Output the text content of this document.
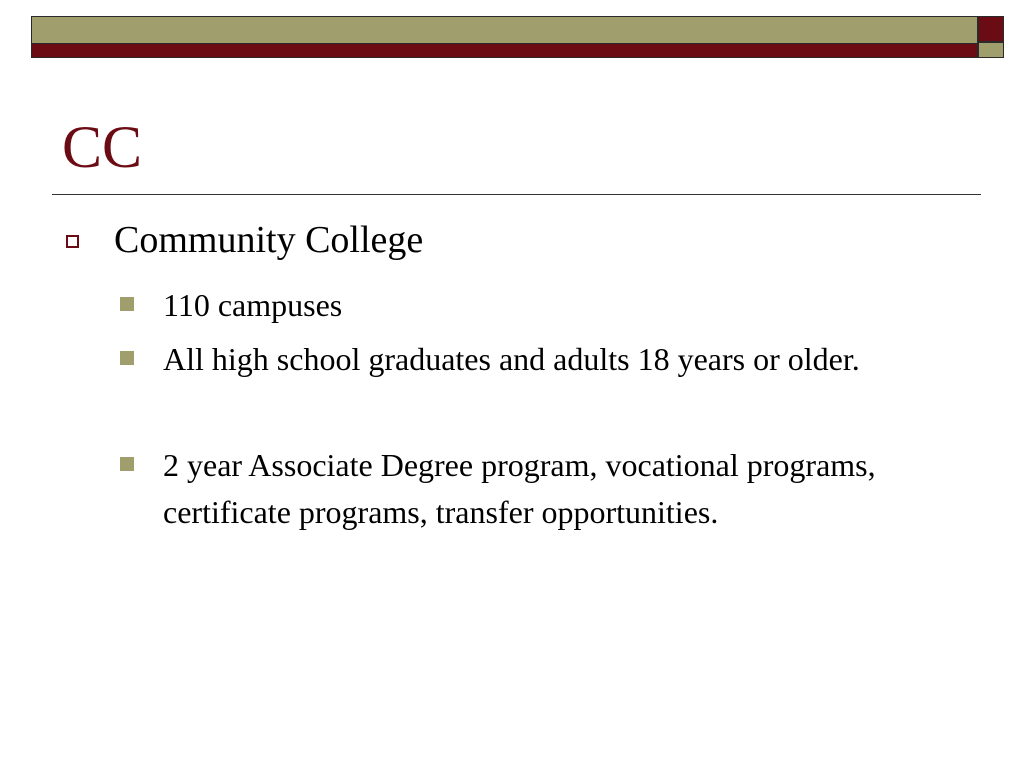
CC
Community College
110 campuses
All high school graduates and adults 18 years or older.
2 year Associate Degree program, vocational programs, certificate programs, transfer opportunities.
